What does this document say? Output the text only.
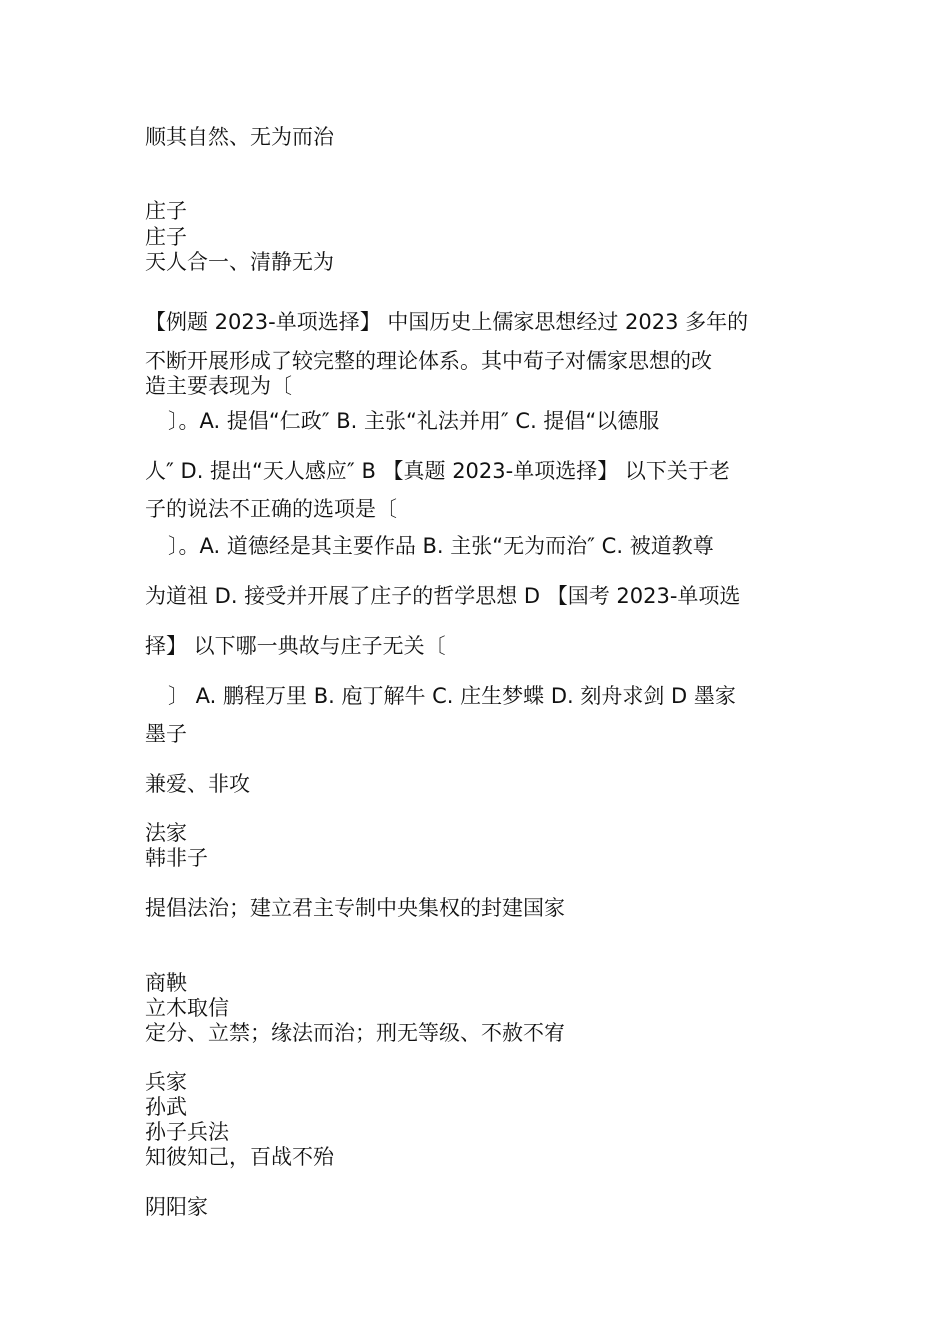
顺其自然、无为而治

庄子

庄子

天人合一、清静无为

【例题 2023-单项选择】 中国历史上儒家思想经过 2023 多年的

不断开展形成了较完整的理论体系。其中荀子对儒家思想的改

造主要表现为〔

〕。A. 提倡“仁政″ B. 主张“礼法并用″ C. 提倡“以德服

人″ D. 提出“天人感应″ B 【真题 2023-单项选择】 以下关于老

子的说法不正确的选项是〔

〕。A. 道德经是其主要作品 B. 主张“无为而治″ C. 被道教尊

为道祖 D. 接受并开展了庄子的哲学思想 D 【国考 2023-单项选

择】 以下哪一典故与庄子无关〔

〕 A. 鹏程万里 B. 庖丁解牛 C. 庄生梦蝶 D. 刻舟求剑 D 墨家

墨子

兼爱、非攻

法家

韩非子

提倡法治；建立君主专制中央集权的封建国家

商鞅

立木取信

定分、立禁；缘法而治；刑无等级、不赦不宥

兵家

孙武

孙子兵法

知彼知己，百战不殆

阴阳家
